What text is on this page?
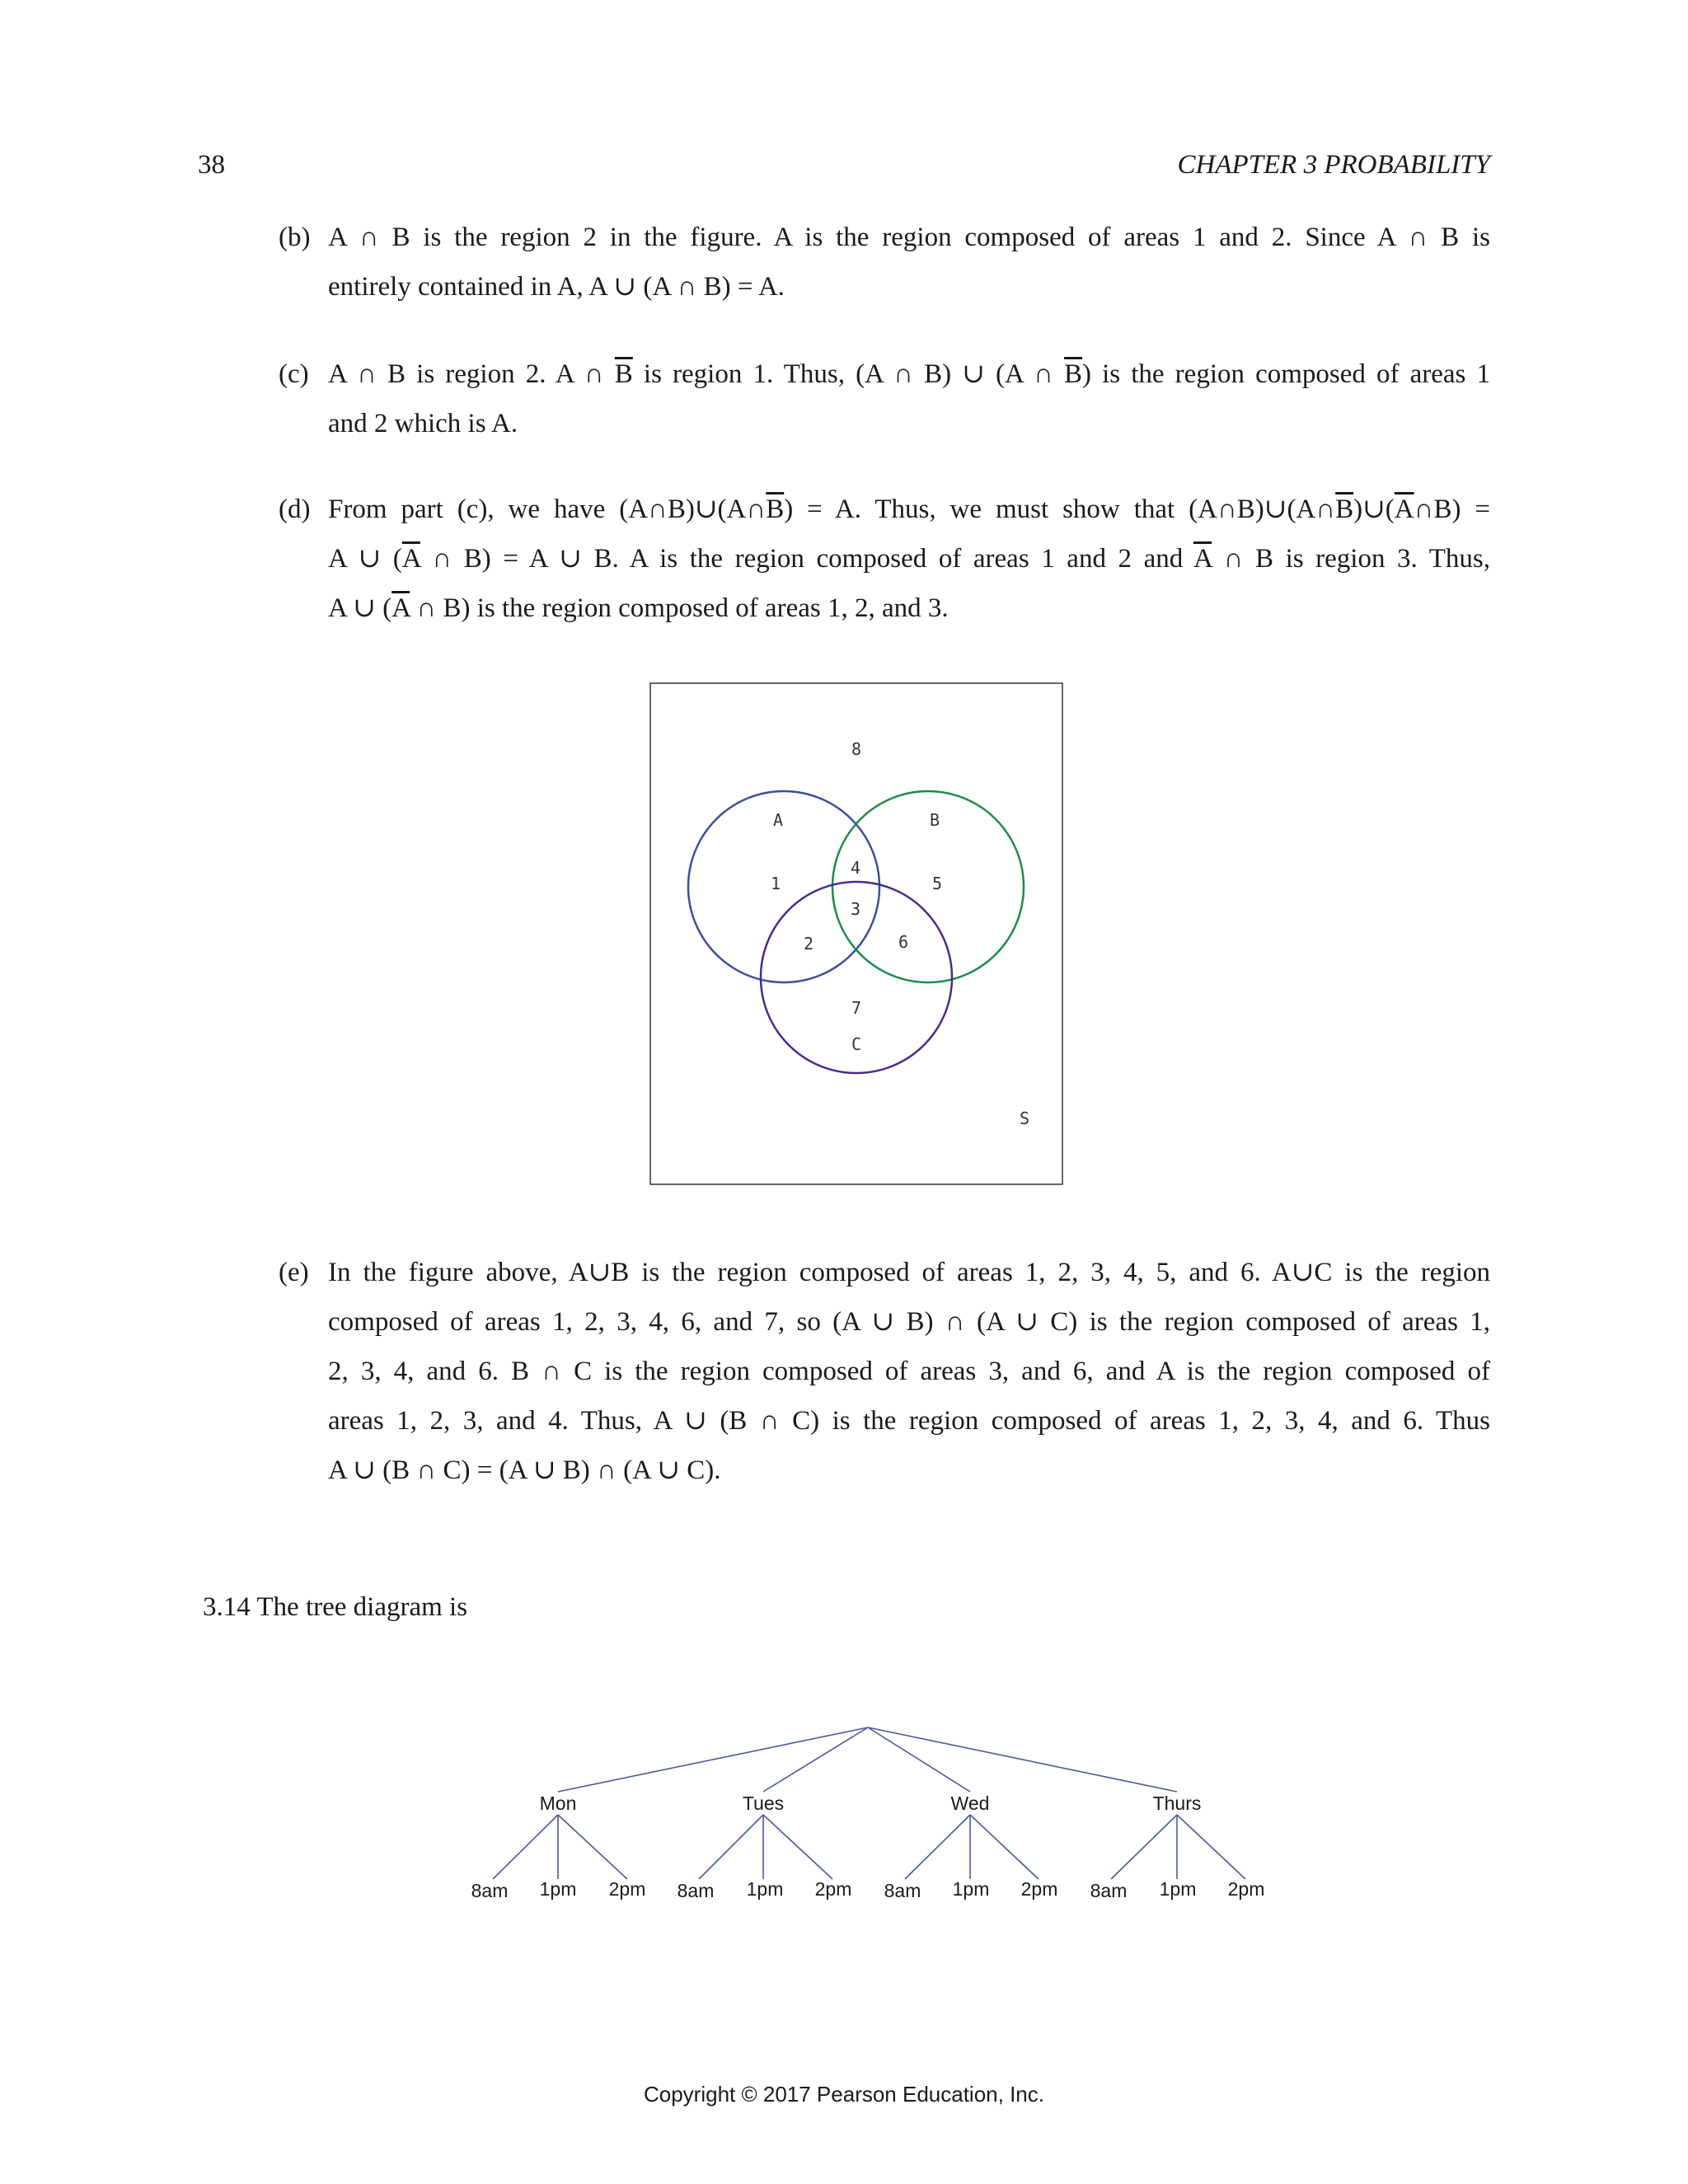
38	CHAPTER 3 PROBABILITY
(b) A ∩ B is the region 2 in the figure. A is the region composed of areas 1 and 2. Since A ∩ B is
entirely contained in A, A ∪ (A ∩ B) = A.
(c) A ∩ B is region 2. A ∩ $\overline{B}$ is region 1. Thus, (A ∩ B) ∪ (A ∩ $\overline{B}$) is the region composed of areas 1
and 2 which is A.
(d) From part (c), we have $(A\cap B)\cup(A\cap\overline{B}) = A$. Thus, we must show that $(A\cap B)\cup(A\cap\overline{B})\cup(\overline{A}\cap B)$ =
A ∪ ($\overline{A}$ ∩ B) = A ∪ B. A is the region composed of areas 1 and 2 and $\overline{A}$ ∩ B is region 3. Thus,
A ∪ ($\overline{A}$ ∩ B) is the region composed of areas 1, 2, and 3.
8
A	B
1
4
5
3
2	6
7
C
S
(e) In the figure above, A∪B is the region composed of areas 1, 2, 3, 4, 5, and 6. A∪C is the region
composed of areas 1, 2, 3, 4, 6, and 7, so (A ∪ B) ∩ (A ∪ C) is the region composed of areas 1,
2, 3, 4, and 6. B ∩ C is the region composed of areas 3, and 6, and A is the region composed of
areas 1, 2, 3, and 4. Thus, A ∪ (B ∩ C) is the region composed of areas 1, 2, 3, 4, and 6. Thus
A ∪ (B ∩ C) = (A ∪ B) ∩ (A ∪ C).
3.14 The tree diagram is
Mon	Tues	Wed	Thurs
8am 1pm 2pm 8am 1pm 2pm 8am 1pm 2pm 8am 1pm 2pm
Copyright © 2017 Pearson Education, Inc.
